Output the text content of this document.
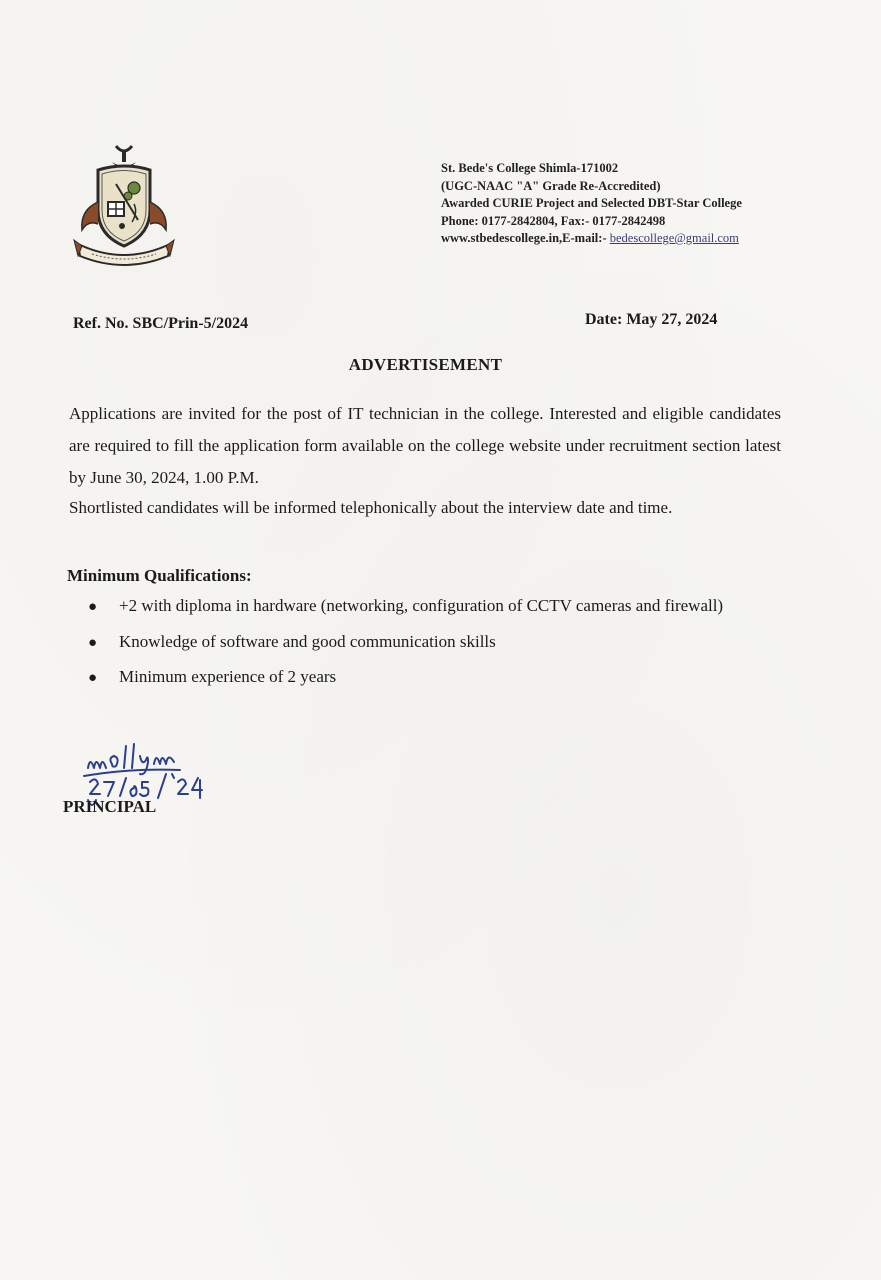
St. Bede's College Shimla-171002
(UGC-NAAC "A" Grade Re-Accredited)
Awarded CURIE Project and Selected DBT-Star College
Phone: 0177-2842804, Fax:- 0177-2842498
www.stbedescollege.in,E-mail:- bedescollege@gmail.com
Ref. No. SBC/Prin-5/2024	Date: May 27, 2024
ADVERTISEMENT

Applications are invited for the post of IT technician in the college. Interested and eligible candidates are required to fill the application form available on the college website under recruitment section latest by June 30, 2024, 1.00 P.M.

Shortlisted candidates will be informed telephonically about the interview date and time.
Minimum Qualifications:
●	+2 with diploma in hardware (networking, configuration of CCTV cameras and firewall)
●	Knowledge of software and good communication skills
●	Minimum experience of 2 years
PRINCIPAL
